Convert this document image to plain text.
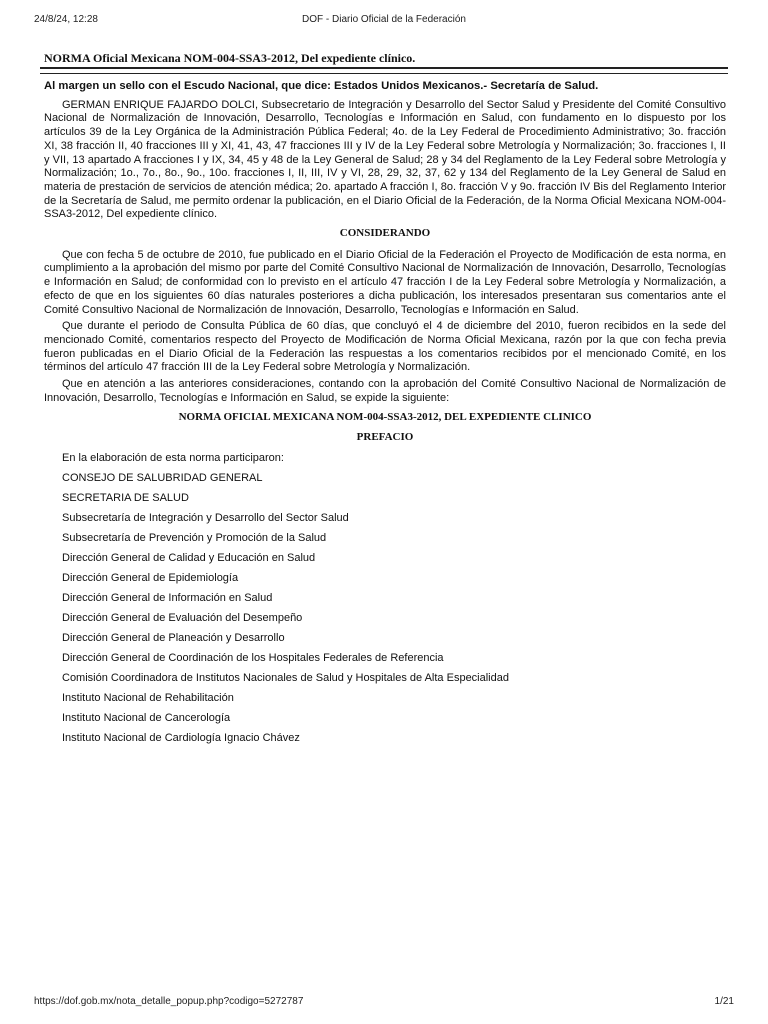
24/8/24, 12:28	DOF - Diario Oficial de la Federación
NORMA Oficial Mexicana NOM-004-SSA3-2012, Del expediente clínico.

Al margen un sello con el Escudo Nacional, que dice: Estados Unidos Mexicanos.- Secretaría de Salud.

GERMAN ENRIQUE FAJARDO DOLCI, Subsecretario de Integración y Desarrollo del Sector Salud y Presidente del Comité Consultivo Nacional de Normalización de Innovación, Desarrollo, Tecnologías e Información en Salud, con fundamento en lo dispuesto por los artículos 39 de la Ley Orgánica de la Administración Pública Federal; 4o. de la Ley Federal de Procedimiento Administrativo; 3o. fracción XI, 38 fracción II, 40 fracciones III y XI, 41, 43, 47 fracciones III y IV de la Ley Federal sobre Metrología y Normalización; 3o. fracciones I, II y VII, 13 apartado A fracciones I y IX, 34, 45 y 48 de la Ley General de Salud; 28 y 34 del Reglamento de la Ley Federal sobre Metrología y Normalización; 1o., 7o., 8o., 9o., 10o. fracciones I, II, III, IV y VI, 28, 29, 32, 37, 62 y 134 del Reglamento de la Ley General de Salud en materia de prestación de servicios de atención médica; 2o. apartado A fracción I, 8o. fracción V y 9o. fracción IV Bis del Reglamento Interior de la Secretaría de Salud, me permito ordenar la publicación, en el Diario Oficial de la Federación, de la Norma Oficial Mexicana NOM-004-SSA3-2012, Del expediente clínico.

CONSIDERANDO

Que con fecha 5 de octubre de 2010, fue publicado en el Diario Oficial de la Federación el Proyecto de Modificación de esta norma, en cumplimiento a la aprobación del mismo por parte del Comité Consultivo Nacional de Normalización de Innovación, Desarrollo, Tecnologías e Información en Salud; de conformidad con lo previsto en el artículo 47 fracción I de la Ley Federal sobre Metrología y Normalización, a efecto de que en los siguientes 60 días naturales posteriores a dicha publicación, los interesados presentaran sus comentarios ante el Comité Consultivo Nacional de Normalización de Innovación, Desarrollo, Tecnologías e Información en Salud.

Que durante el periodo de Consulta Pública de 60 días, que concluyó el 4 de diciembre del 2010, fueron recibidos en la sede del mencionado Comité, comentarios respecto del Proyecto de Modificación de Norma Oficial Mexicana, razón por la que con fecha previa fueron publicadas en el Diario Oficial de la Federación las respuestas a los comentarios recibidos por el mencionado Comité, en los términos del artículo 47 fracción III de la Ley Federal sobre Metrología y Normalización.

Que en atención a las anteriores consideraciones, contando con la aprobación del Comité Consultivo Nacional de Normalización de Innovación, Desarrollo, Tecnologías e Información en Salud, se expide la siguiente:

NORMA OFICIAL MEXICANA NOM-004-SSA3-2012, DEL EXPEDIENTE CLINICO
PREFACIO
En la elaboración de esta norma participaron:
CONSEJO DE SALUBRIDAD GENERAL
SECRETARIA DE SALUD
Subsecretaría de Integración y Desarrollo del Sector Salud
Subsecretaría de Prevención y Promoción de la Salud
Dirección General de Calidad y Educación en Salud
Dirección General de Epidemiología
Dirección General de Información en Salud
Dirección General de Evaluación del Desempeño
Dirección General de Planeación y Desarrollo
Dirección General de Coordinación de los Hospitales Federales de Referencia
Comisión Coordinadora de Institutos Nacionales de Salud y Hospitales de Alta Especialidad
Instituto Nacional de Rehabilitación
Instituto Nacional de Cancerología
Instituto Nacional de Cardiología Ignacio Chávez
https://dof.gob.mx/nota_detalle_popup.php?codigo=5272787	1/21
